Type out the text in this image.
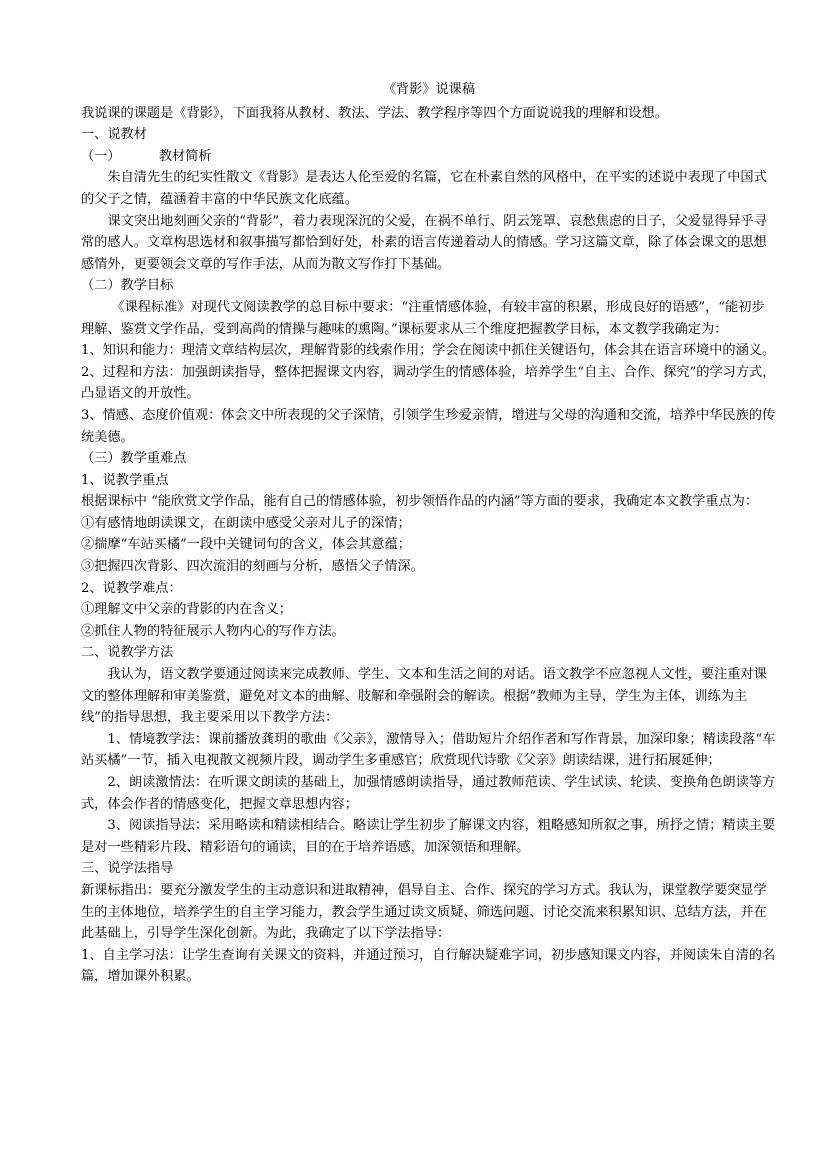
《背影》说课稿

我说课的课题是《背影》，下面我将从教材、教法、学法、教学程序等四个方面说说我的理解和设想。

一、说教材

（一）	教材简析

朱自清先生的纪实性散文《背影》是表达人伦至爱的名篇，它在朴素自然的风格中，在平实的述说中表现了中国式的父子之情，蕴涵着丰富的中华民族文化底蕴。

课文突出地刻画父亲的“背影”，着力表现深沉的父爱，在祸不单行、阴云笼罩、哀愁焦虑的日子，父爱显得异乎寻常的感人。文章构思选材和叙事描写都恰到好处，朴素的语言传递着动人的情感。学习这篇文章，除了体会课文的思想感情外，更要领会文章的写作手法，从而为散文写作打下基础。

（二）教学目标

《课程标准》对现代文阅读教学的总目标中要求：“注重情感体验，有较丰富的积累，形成良好的语感”，“能初步理解、鉴赏文学作品，受到高尚的情操与趣味的熏陶。”课标要求从三个维度把握教学目标，本文教学我确定为：

1、知识和能力：理清文章结构层次，理解背影的线索作用；学会在阅读中抓住关键语句，体会其在语言环境中的涵义。

2、过程和方法：加强朗读指导，整体把握课文内容，调动学生的情感体验，培养学生“自主、合作、探究”的学习方式，凸显语文的开放性。

3、情感、态度价值观：体会文中所表现的父子深情，引领学生珍爱亲情，增进与父母的沟通和交流，培养中华民族的传统美德。

（三）教学重难点

1、说教学重点

根据课标中 “能欣赏文学作品，能有自己的情感体验，初步领悟作品的内涵”等方面的要求，我确定本文教学重点为：

①有感情地朗读课文，在朗读中感受父亲对儿子的深情；

②揣摩“车站买橘”一段中关键词句的含义，体会其意蕴；

③把握四次背影、四次流泪的刻画与分析，感悟父子情深。

2、说教学难点：

①理解文中父亲的背影的内在含义；

②抓住人物的特征展示人物内心的写作方法。

二、说教学方法

我认为，语文教学要通过阅读来完成教师、学生、文本和生活之间的对话。语文教学不应忽视人文性，要注重对课文的整体理解和审美鉴赏，避免对文本的曲解、肢解和牵强附会的解读。根据“教师为主导，学生为主体，训练为主线”的指导思想，我主要采用以下教学方法：

1、情境教学法：课前播放龚玥的歌曲《父亲》，激情导入；借助短片介绍作者和写作背景，加深印象；精读段落“车站买橘”一节，插入电视散文视频片段，调动学生多重感官；欣赏现代诗歌《父亲》朗读结课，进行拓展延伸；

2、朗读激情法：在听课文朗读的基础上，加强情感朗读指导，通过教师范读、学生试读、轮读、变换角色朗读等方式，体会作者的情感变化，把握文章思想内容；

3、阅读指导法：采用略读和精读相结合。略读让学生初步了解课文内容，粗略感知所叙之事，所抒之情；精读主要是对一些精彩片段、精彩语句的诵读，目的在于培养语感，加深领悟和理解。

三、说学法指导

新课标指出：要充分激发学生的主动意识和进取精神，倡导自主、合作、探究的学习方式。我认为，课堂教学要突显学生的主体地位，培养学生的自主学习能力，教会学生通过读文质疑、筛选问题、讨论交流来积累知识、总结方法，并在此基础上，引导学生深化创新。为此，我确定了以下学法指导：

1、自主学习法：让学生查询有关课文的资料，并通过预习，自行解决疑难字词，初步感知课文内容，并阅读朱自清的名篇，增加课外积累。
